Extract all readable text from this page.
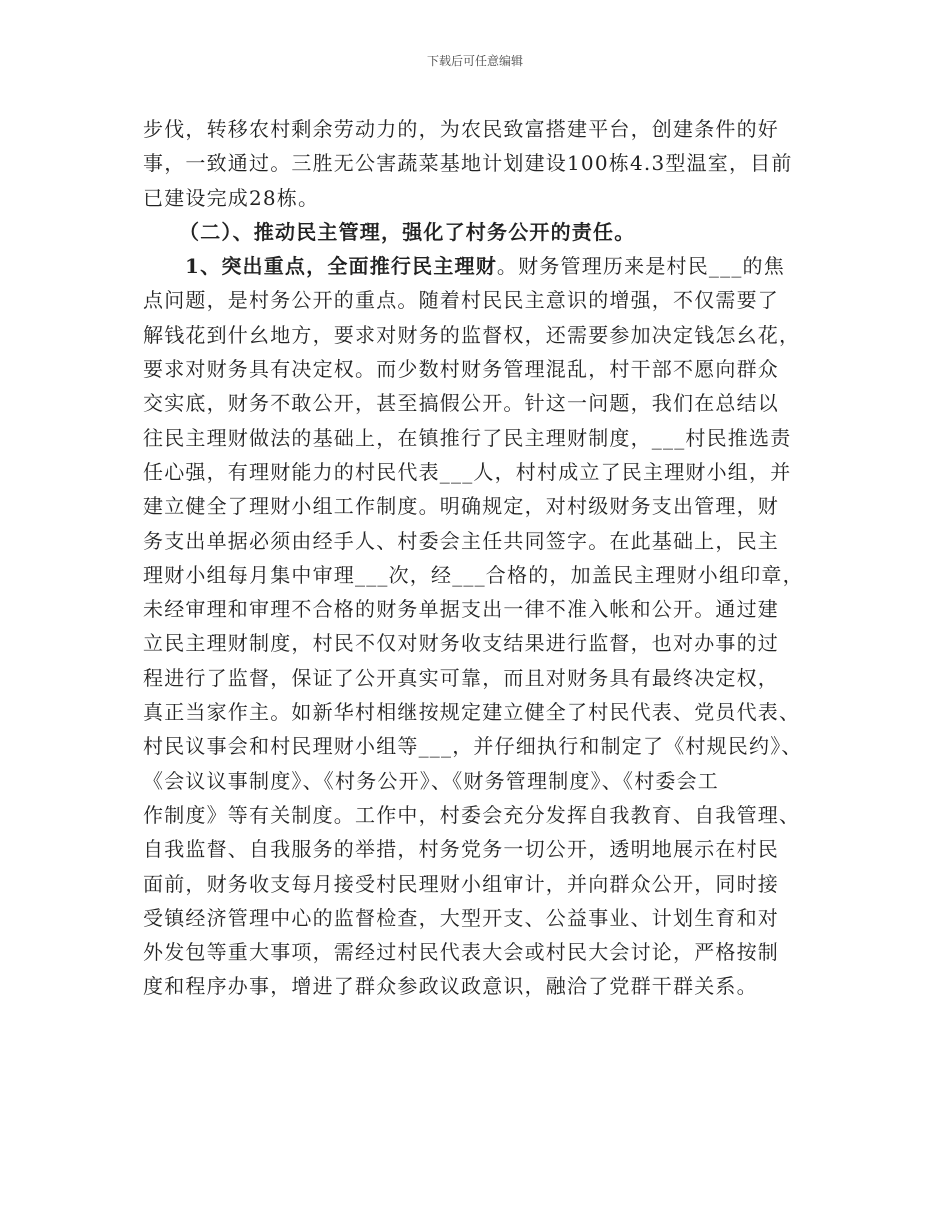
下载后可任意编辑
步伐，转移农村剩余劳动力的，为农民致富搭建平台，创建条件的好
事，一致通过。三胜无公害蔬菜基地计划建设100栋4.3型温室，目前
已建设完成28栋。
（二）、推动民主管理，强化了村务公开的责任。
1、突出重点，全面推行民主理财。财务管理历来是村民___的焦
点问题，是村务公开的重点。随着村民民主意识的增强，不仅需要了
解钱花到什幺地方，要求对财务的监督权，还需要参加决定钱怎幺花，
要求对财务具有决定权。而少数村财务管理混乱，村干部不愿向群众
交实底，财务不敢公开，甚至搞假公开。针这一问题，我们在总结以
往民主理财做法的基础上，在镇推行了民主理财制度，___村民推选责
任心强，有理财能力的村民代表___人，村村成立了民主理财小组，并
建立健全了理财小组工作制度。明确规定，对村级财务支出管理，财
务支出单据必须由经手人、村委会主任共同签字。在此基础上，民主
理财小组每月集中审理___次，经___合格的，加盖民主理财小组印章，
未经审理和审理不合格的财务单据支出一律不准入帐和公开。通过建
立民主理财制度，村民不仅对财务收支结果进行监督，也对办事的过
程进行了监督，保证了公开真实可靠，而且对财务具有最终决定权，
真正当家作主。如新华村相继按规定建立健全了村民代表、党员代表、
村民议事会和村民理财小组等___，并仔细执行和制定了《村规民约》、
《会议议事制度》、《村务公开》、《财务管理制度》、《村委会工
作制度》等有关制度。工作中，村委会充分发挥自我教育、自我管理、
自我监督、自我服务的举措，村务党务一切公开，透明地展示在村民
面前，财务收支每月接受村民理财小组审计，并向群众公开，同时接
受镇经济管理中心的监督检查，大型开支、公益事业、计划生育和对
外发包等重大事项，需经过村民代表大会或村民大会讨论，严格按制
度和程序办事，增进了群众参政议政意识，融洽了党群干群关系。
